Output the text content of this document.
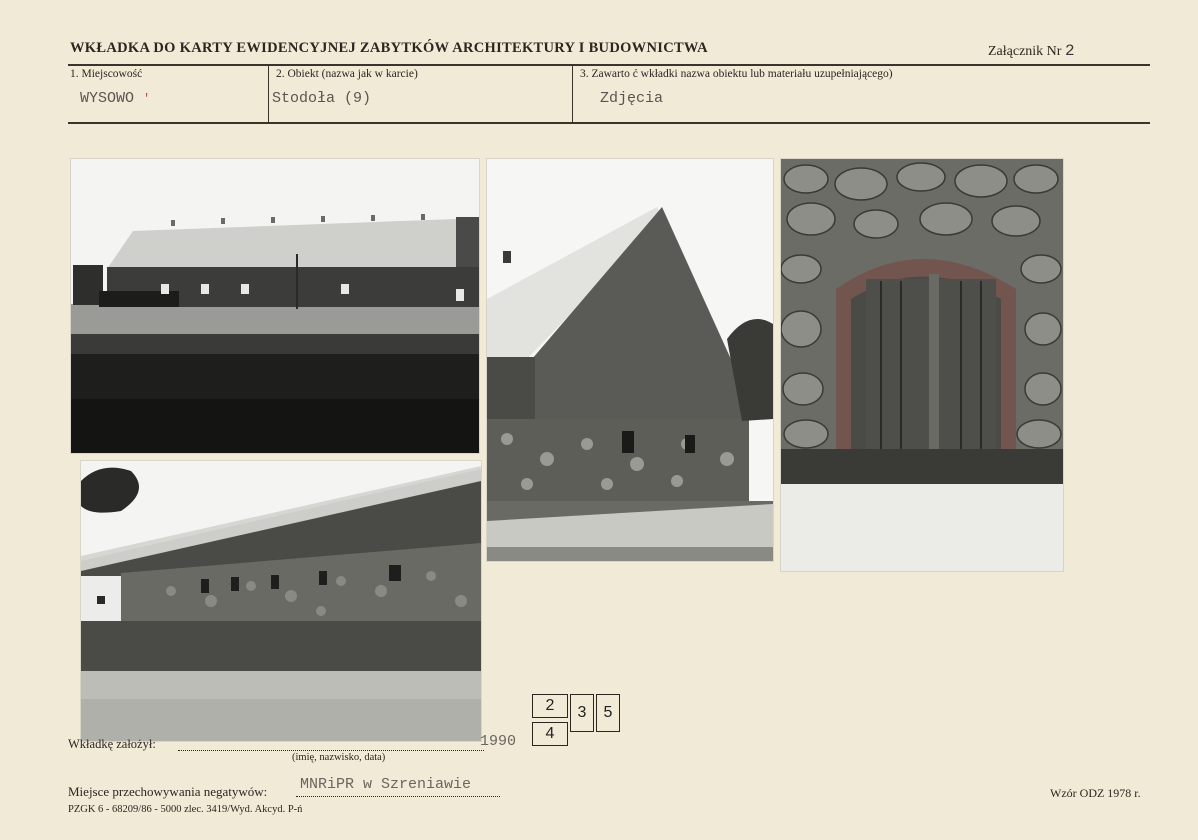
WKŁADKA DO KARTY EWIDENCYJNEJ ZABYTKÓW ARCHITEKTURY I BUDOWNICTWA	Załącznik Nr 2
1. Miejscowość
WYSOWO '
2. Obiekt (nazwa jak w karcie)
Stodoła (9)
3. Zawarto ć wkładki nazwa obiektu lub materiału uzupełniającego)
Zdjęcia
2	3	5
4
Wkładkę założył:	1990
(imię, nazwisko, data)
Miejsce przechowywania negatywów: MNRiPR w Szreniawie
PZGK 6 - 68209/86 - 5000 zlec. 3419/Wyd. Akcyd. P-ń
Wzór ODZ 1978 r.
